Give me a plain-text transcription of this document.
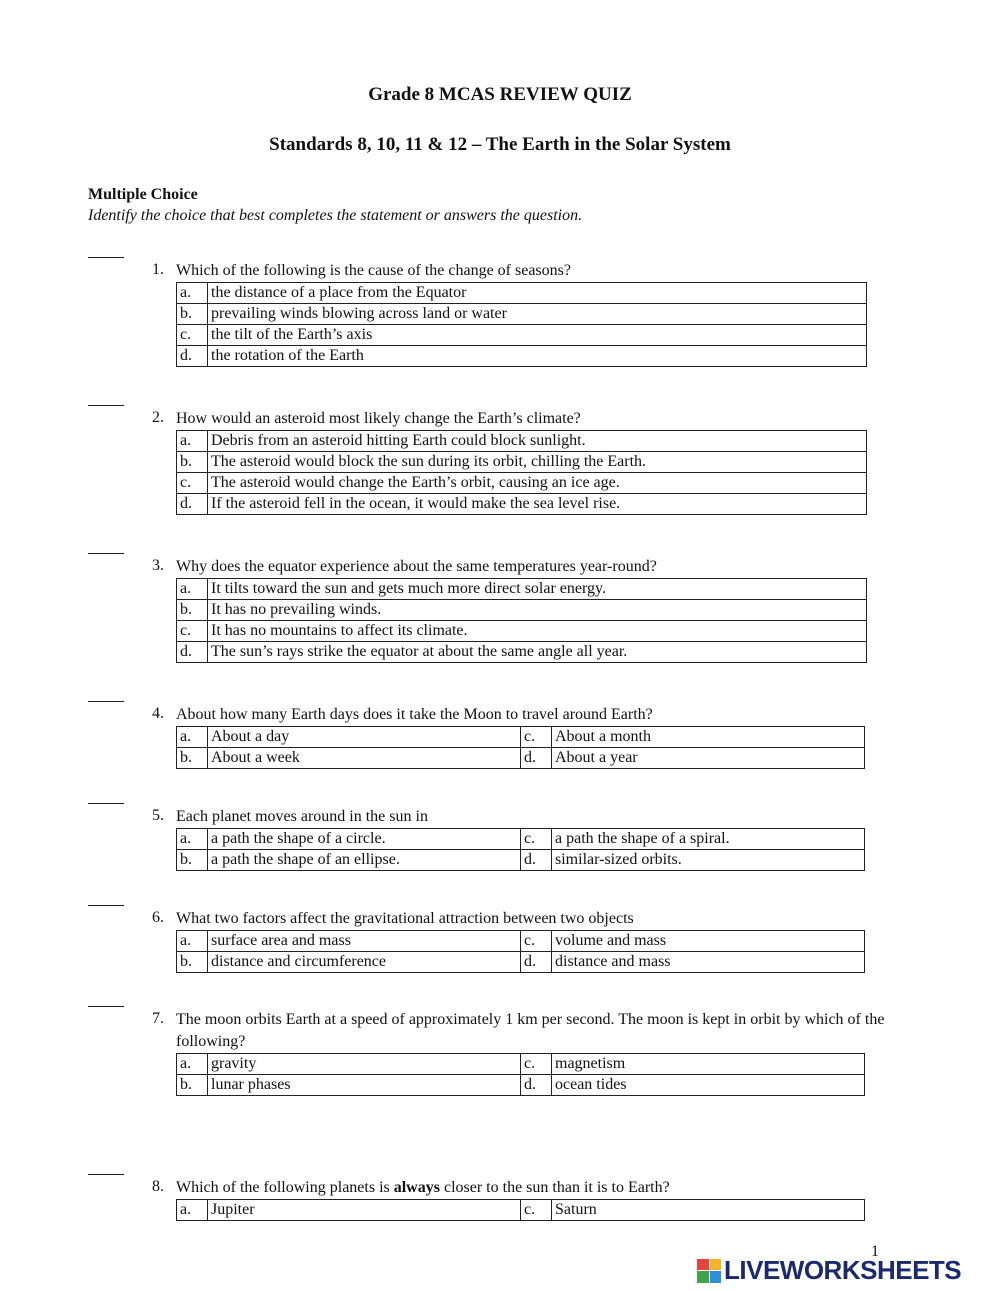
Grade 8 MCAS REVIEW QUIZ
Standards 8, 10, 11 & 12 – The Earth in the Solar System
Multiple Choice
Identify the choice that best completes the statement or answers the question.
1. Which of the following is the cause of the change of seasons?
a.	the distance of a place from the Equator
b.	prevailing winds blowing across land or water
c.	the tilt of the Earth’s axis
d.	the rotation of the Earth
2. How would an asteroid most likely change the Earth’s climate?
a.	Debris from an asteroid hitting Earth could block sunlight.
b.	The asteroid would block the sun during its orbit, chilling the Earth.
c.	The asteroid would change the Earth’s orbit, causing an ice age.
d.	If the asteroid fell in the ocean, it would make the sea level rise.
3. Why does the equator experience about the same temperatures year-round?
a.	It tilts toward the sun and gets much more direct solar energy.
b.	It has no prevailing winds.
c.	It has no mountains to affect its climate.
d.	The sun’s rays strike the equator at about the same angle all year.
4. About how many Earth days does it take the Moon to travel around Earth?
a.	About a day	c.	About a month
b.	About a week	d.	About a year
5. Each planet moves around in the sun in
a.	a path the shape of a circle.	c.	a path the shape of a spiral.
b.	a path the shape of an ellipse.	d.	similar-sized orbits.
6. What two factors affect the gravitational attraction between two objects
a.	surface area and mass	c.	volume and mass
b.	distance and circumference	d.	distance and mass
7. The moon orbits Earth at a speed of approximately 1 km per second. The moon is kept in orbit by which of the following?
a.	gravity	c.	magnetism
b.	lunar phases	d.	ocean tides
8. Which of the following planets is always closer to the sun than it is to Earth?
a.	Jupiter	c.	Saturn
1
LIVEWORKSHEETS
